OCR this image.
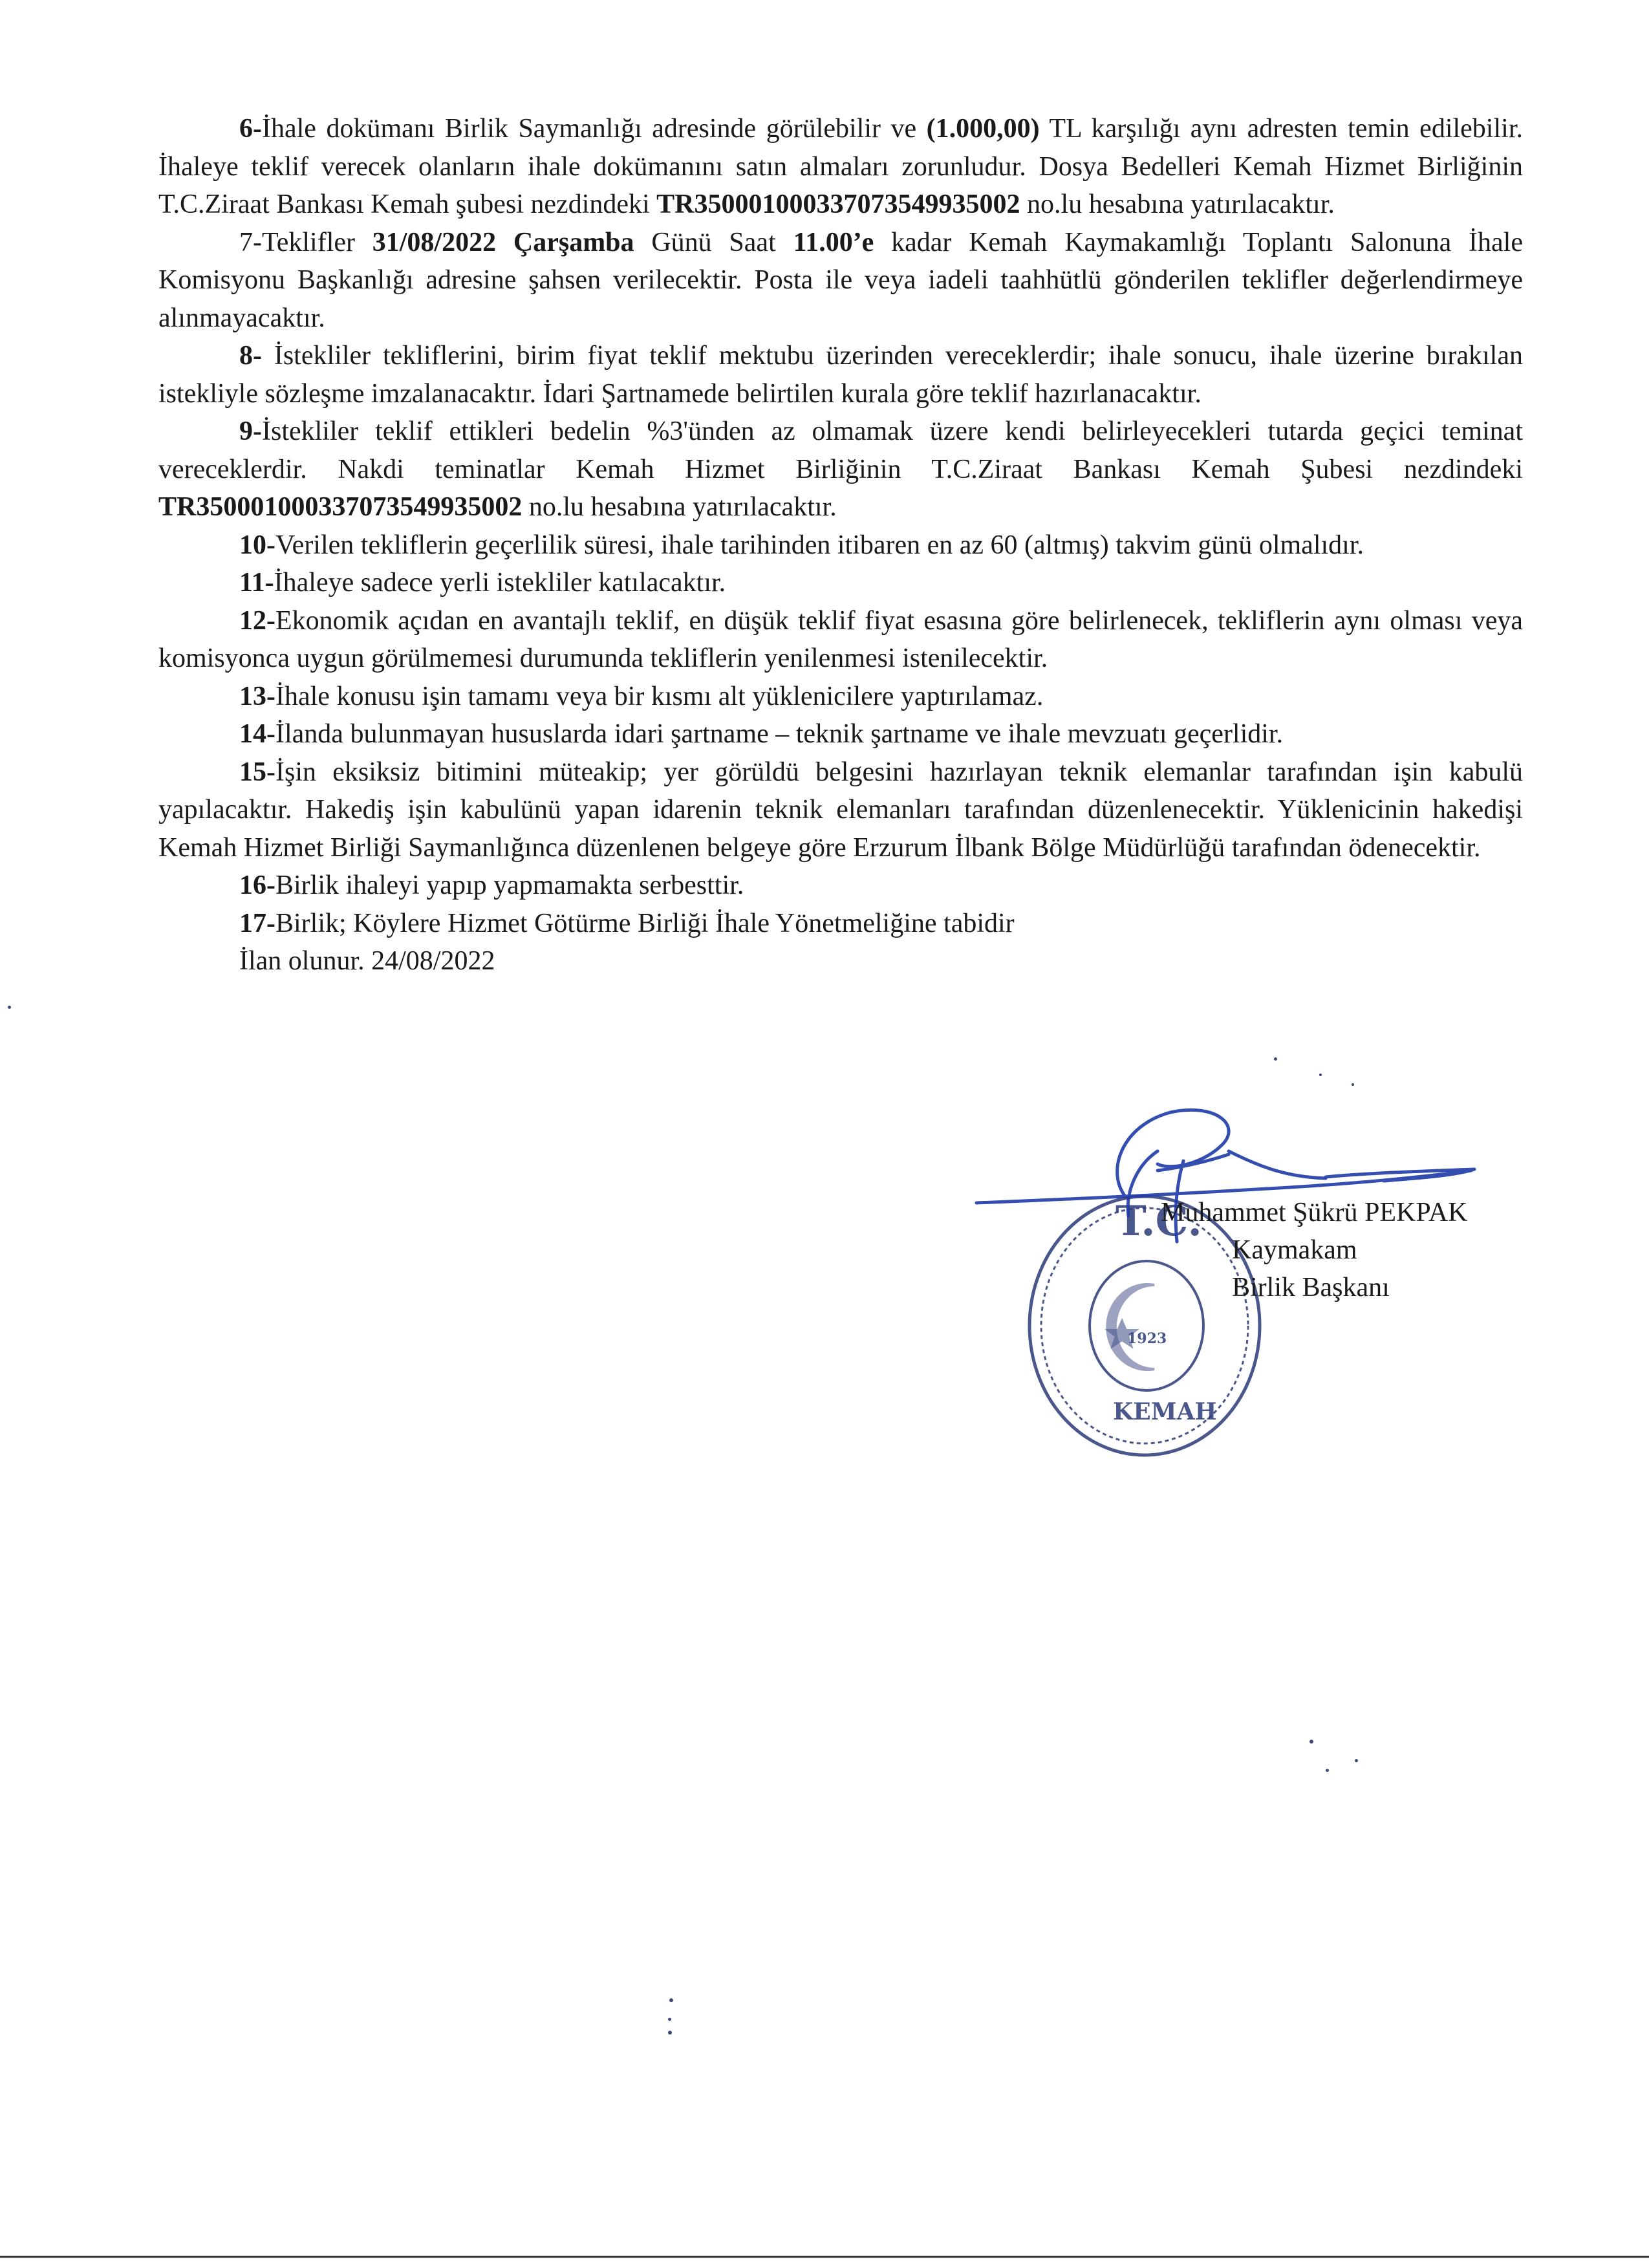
6-İhale dokümanı Birlik Saymanlığı adresinde görülebilir ve (1.000,00) TL karşılığı aynı adresten temin edilebilir. İhaleye teklif verecek olanların ihale dokümanını satın almaları zorunludur. Dosya Bedelleri Kemah Hizmet Birliğinin T.C.Ziraat Bankası Kemah şubesi nezdindeki TR350001000337073549935002 no.lu hesabına yatırılacaktır.

7-Teklifler 31/08/2022 Çarşamba Günü Saat 11.00’e kadar Kemah Kaymakamlığı Toplantı Salonuna İhale Komisyonu Başkanlığı adresine şahsen verilecektir. Posta ile veya iadeli taahhütlü gönderilen teklifler değerlendirmeye alınmayacaktır.

8- İstekliler tekliflerini, birim fiyat teklif mektubu üzerinden vereceklerdir; ihale sonucu, ihale üzerine bırakılan istekliyle sözleşme imzalanacaktır. İdari Şartnamede belirtilen kurala göre teklif hazırlanacaktır.

9-İstekliler teklif ettikleri bedelin %3'ünden az olmamak üzere kendi belirleyecekleri tutarda geçici teminat vereceklerdir. Nakdi teminatlar Kemah Hizmet Birliğinin T.C.Ziraat Bankası Kemah Şubesi nezdindeki TR350001000337073549935002 no.lu hesabına yatırılacaktır.

10-Verilen tekliflerin geçerlilik süresi, ihale tarihinden itibaren en az 60 (altmış) takvim günü olmalıdır.

11-İhaleye sadece yerli istekliler katılacaktır.

12-Ekonomik açıdan en avantajlı teklif, en düşük teklif fiyat esasına göre belirlenecek, tekliflerin aynı olması veya komisyonca uygun görülmemesi durumunda tekliflerin yenilenmesi istenilecektir.

13-İhale konusu işin tamamı veya bir kısmı alt yüklenicilere yaptırılamaz.

14-İlanda bulunmayan hususlarda idari şartname – teknik şartname ve ihale mevzuatı geçerlidir.

15-İşin eksiksiz bitimini müteakip; yer görüldü belgesini hazırlayan teknik elemanlar tarafından işin kabulü yapılacaktır. Hakediş işin kabulünü yapan idarenin teknik elemanları tarafından düzenlenecektir. Yüklenicinin hakedişi Kemah Hizmet Birliği Saymanlığınca düzenlenen belgeye göre Erzurum İlbank Bölge Müdürlüğü tarafından ödenecektir.

16-Birlik ihaleyi yapıp yapmamakta serbesttir.

17-Birlik; Köylere Hizmet Götürme Birliği İhale Yönetmeliğine tabidir

İlan olunur. 24/08/2022

T.C.
1923
KEMAH
Muhammet Şükrü PEKPAK
Kaymakam
Birlik Başkanı
